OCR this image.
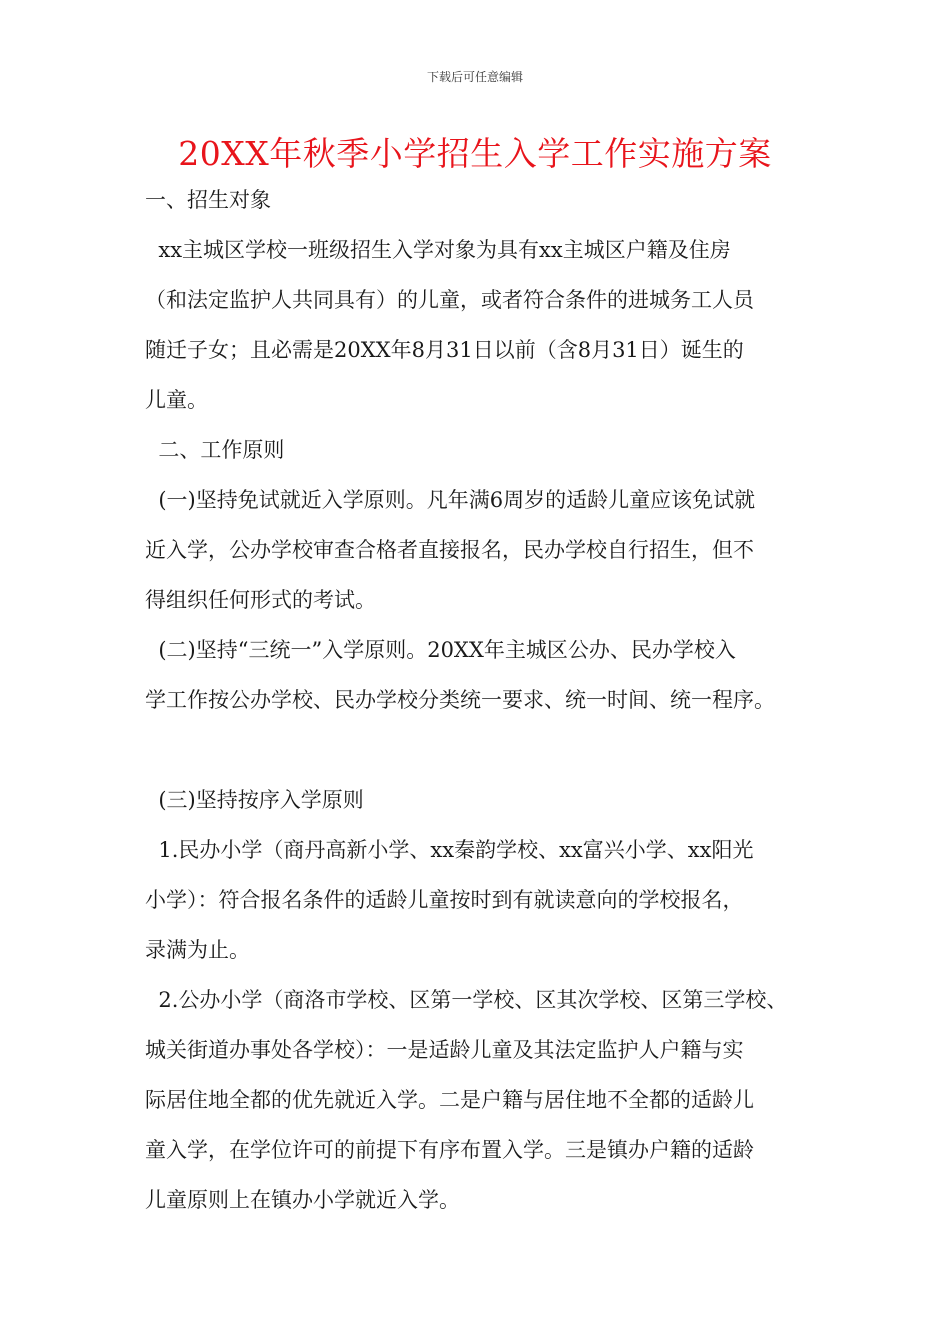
下载后可任意编辑
20XX年秋季小学招生入学工作实施方案
一、招生对象
xx主城区学校一班级招生入学对象为具有xx主城区户籍及住房
（和法定监护人共同具有）的儿童，或者符合条件的进城务工人员
随迁子女；且必需是20XX年8月31日以前（含8月31日）诞生的
儿童。
二、工作原则
(一)坚持免试就近入学原则。凡年满6周岁的适龄儿童应该免试就
近入学，公办学校审查合格者直接报名，民办学校自行招生，但不
得组织任何形式的考试。
(二)坚持“三统一”入学原则。20XX年主城区公办、民办学校入
学工作按公办学校、民办学校分类统一要求、统一时间、统一程序。
(三)坚持按序入学原则
1.民办小学（商丹高新小学、xx秦韵学校、xx富兴小学、xx阳光
小学）：符合报名条件的适龄儿童按时到有就读意向的学校报名，
录满为止。
2.公办小学（商洛市学校、区第一学校、区其次学校、区第三学校、
城关街道办事处各学校）：一是适龄儿童及其法定监护人户籍与实
际居住地全都的优先就近入学。二是户籍与居住地不全都的适龄儿
童入学，在学位许可的前提下有序布置入学。三是镇办户籍的适龄
儿童原则上在镇办小学就近入学。
